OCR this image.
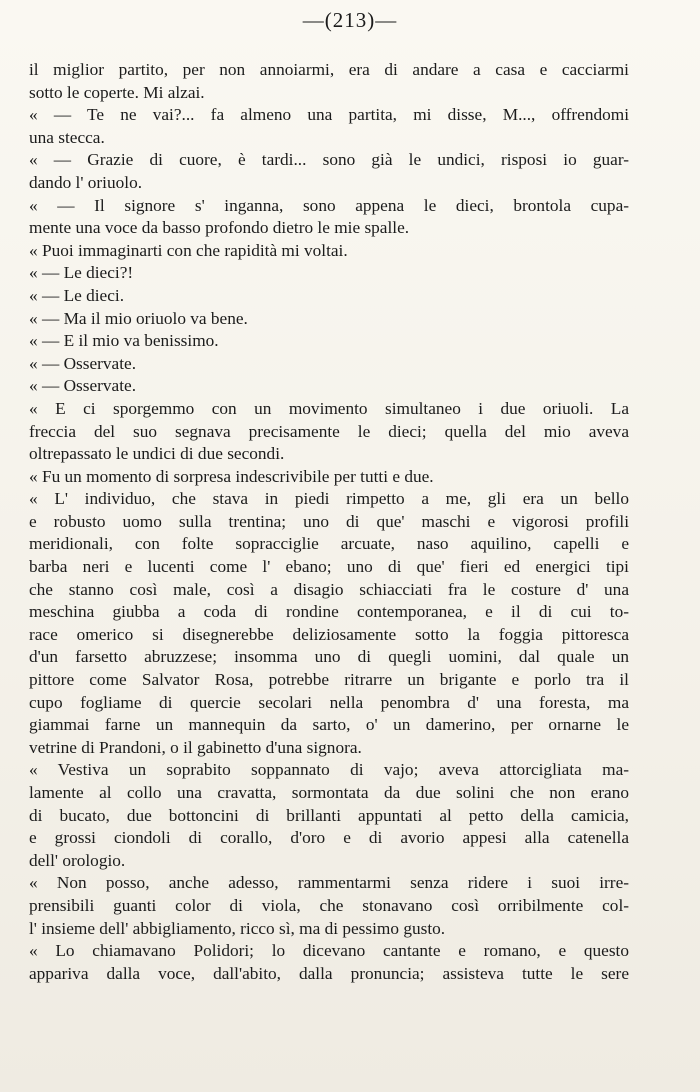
—(213)—
il miglior partito, per non annoiarmi, era di andare a casa e cacciarmi
sotto le coperte. Mi alzai.
« — Te ne vai?... fa almeno una partita, mi disse, M..., offrendomi
una stecca.
« — Grazie di cuore, è tardi... sono già le undici, risposi io guar-
dando l' oriuolo.
« — Il signore s' inganna, sono appena le dieci, brontola cupa-
mente una voce da basso profondo dietro le mie spalle.
« Puoi immaginarti con che rapidità mi voltai.
« — Le dieci?!
« — Le dieci.
« — Ma il mio oriuolo va bene.
« — E il mio va benissimo.
« — Osservate.
« — Osservate.
« E ci sporgemmo con un movimento simultaneo i due oriuoli. La
freccia del suo segnava precisamente le dieci; quella del mio aveva
oltrepassato le undici di due secondi.
« Fu un momento di sorpresa indescrivibile per tutti e due.
« L' individuo, che stava in piedi rimpetto a me, gli era un bello
e robusto uomo sulla trentina; uno di que' maschi e vigorosi profili
meridionali, con folte sopracciglie arcuate, naso aquilino, capelli e
barba neri e lucenti come l' ebano; uno di que' fieri ed energici tipi
che stanno così male, così a disagio schiacciati fra le costure d' una
meschina giubba a coda di rondine contemporanea, e il di cui to-
race omerico si disegnerebbe deliziosamente sotto la foggia pittoresca
d'un farsetto abruzzese; insomma uno di quegli uomini, dal quale un
pittore come Salvator Rosa, potrebbe ritrarre un brigante e porlo tra il
cupo fogliame di quercie secolari nella penombra d' una foresta, ma
giammai farne un mannequin da sarto, o' un damerino, per ornarne le
vetrine di Prandoni, o il gabinetto d'una signora.
« Vestiva un soprabito soppannato di vajo; aveva attorcigliata ma-
lamente al collo una cravatta, sormontata da due solini che non erano
di bucato, due bottoncini di brillanti appuntati al petto della camicia,
e grossi ciondoli di corallo, d'oro e di avorio appesi alla catenella
dell' orologio.
« Non posso, anche adesso, rammentarmi senza ridere i suoi irre-
prensibili guanti color di viola, che stonavano così orribilmente col-
l' insieme dell' abbigliamento, ricco sì, ma di pessimo gusto.
« Lo chiamavano Polidori; lo dicevano cantante e romano, e questo
appariva dalla voce, dall'abito, dalla pronuncia; assisteva tutte le sere
